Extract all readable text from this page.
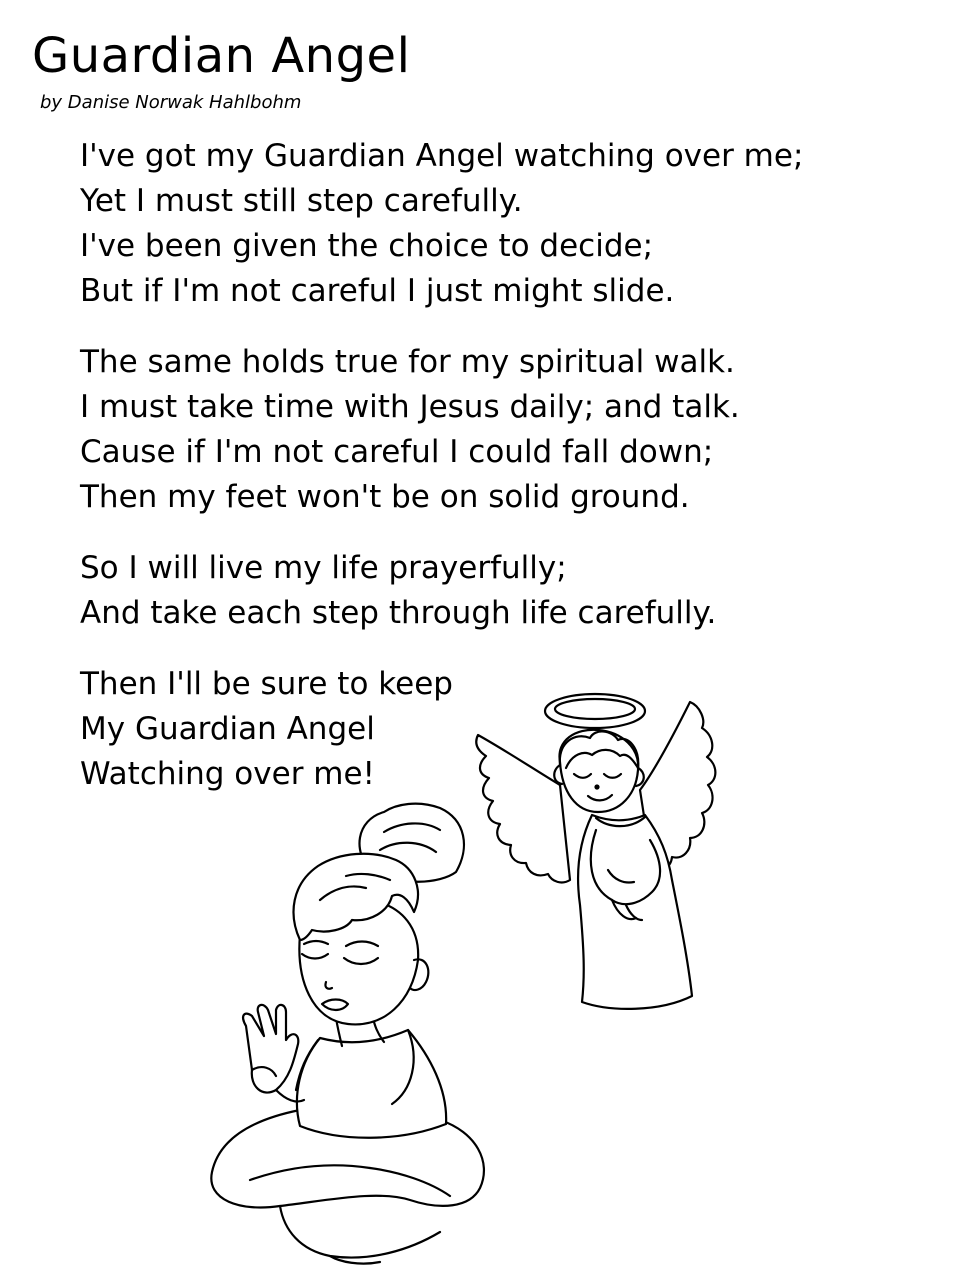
Guardian Angel

by Danise Norwak Hahlbohm

I've got my Guardian Angel watching over me;
Yet I must still step carefully.
I've been given the choice to decide;
But if I'm not careful I just might slide.

The same holds true for my spiritual walk.
I must take time with Jesus daily; and talk.
Cause if I'm not careful I could fall down;
Then my feet won't be on solid ground.

So I will live my life prayerfully;
And take each step through life carefully.

Then I'll be sure to keep
My Guardian Angel
Watching over me!
